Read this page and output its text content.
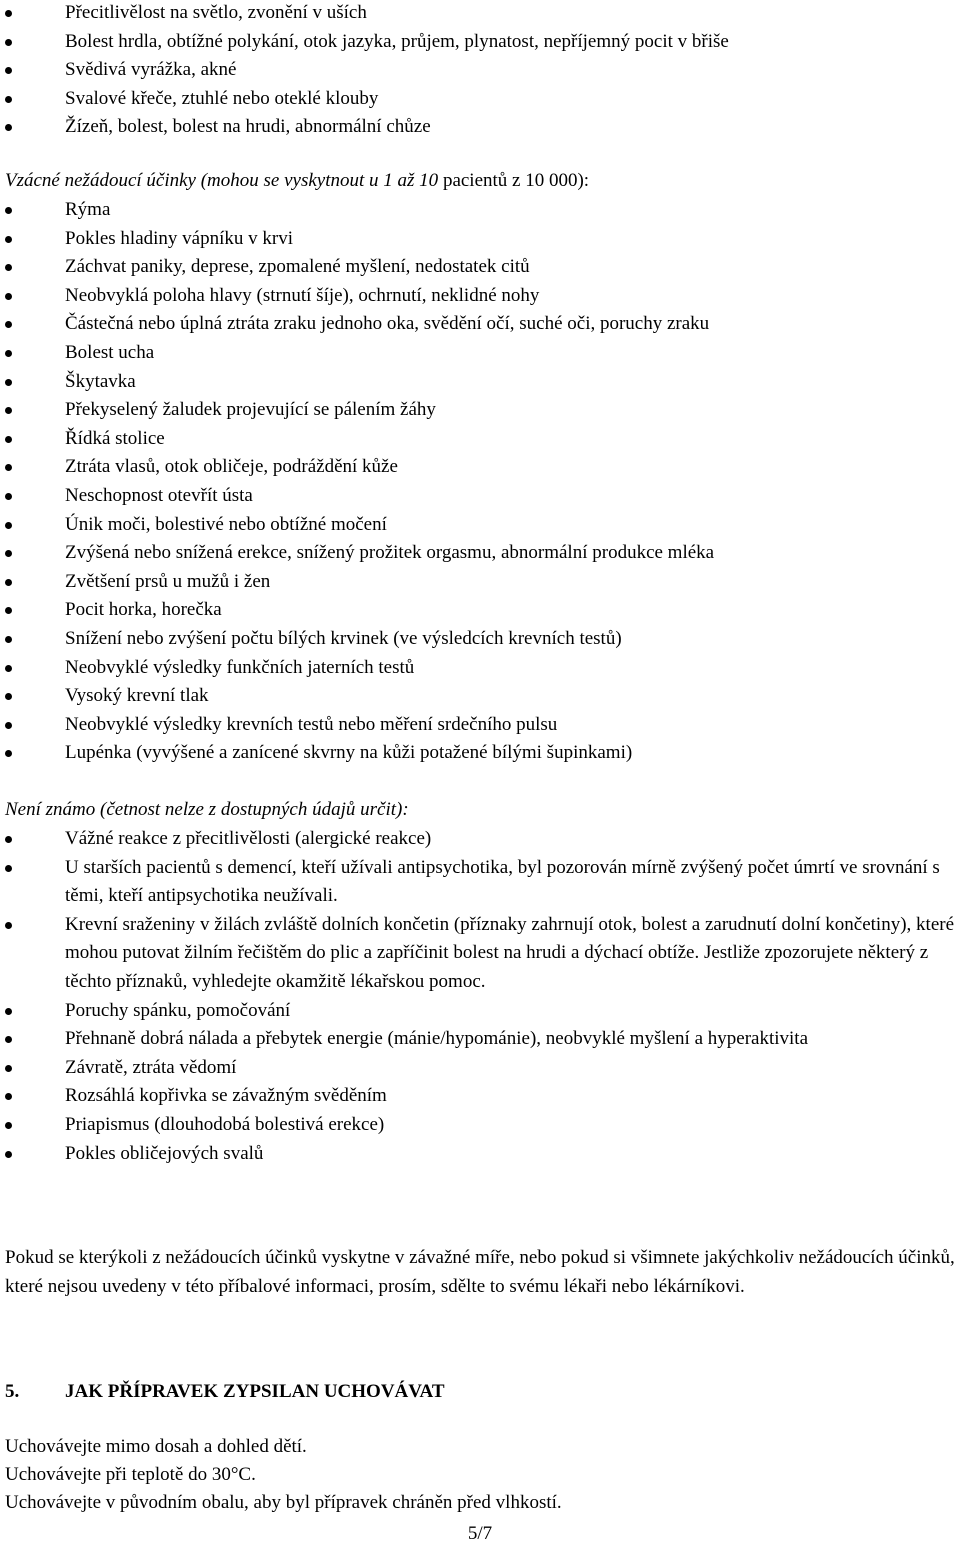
Přecitlivělost na světlo, zvonění v uších
Bolest hrdla, obtížné polykání, otok jazyka, průjem, plynatost, nepříjemný pocit v břiše
Svědivá vyrážka, akné
Svalové křeče, ztuhlé nebo oteklé klouby
Žízeň, bolest, bolest na hrudi, abnormální chůze
Vzácné nežádoucí účinky (mohou se vyskytnout u 1 až 10 pacientů z 10 000):
Rýma
Pokles hladiny vápníku v krvi
Záchvat paniky, deprese, zpomalené myšlení, nedostatek citů
Neobvyklá poloha hlavy (strnutí šíje), ochrnutí, neklidné nohy
Částečná nebo úplná ztráta zraku jednoho oka, svědění očí, suché oči, poruchy zraku
Bolest ucha
Škytavka
Překyselený žaludek projevující se pálením žáhy
Řídká stolice
Ztráta vlasů, otok obličeje, podráždění kůže
Neschopnost otevřít ústa
Únik moči, bolestivé nebo obtížné močení
Zvýšená nebo snížená erekce, snížený prožitek orgasmu, abnormální produkce mléka
Zvětšení prsů u mužů i žen
Pocit horka, horečka
Snížení nebo zvýšení počtu bílých krvinek (ve výsledcích krevních testů)
Neobvyklé výsledky funkčních jaterních testů
Vysoký krevní tlak
Neobvyklé výsledky krevních testů nebo měření srdečního pulsu
Lupénka (vyvýšené a zanícené skvrny na kůži potažené bílými šupinkami)
Není známo (četnost nelze z dostupných údajů určit):
Vážné reakce z přecitlivělosti (alergické reakce)
U starších pacientů s demencí, kteří užívali antipsychotika, byl pozorován mírně zvýšený počet úmrtí ve srovnání s těmi, kteří antipsychotika neužívali.
Krevní sraženiny v žilách zvláště dolních končetin (příznaky zahrnují otok, bolest a zarudnutí dolní končetiny), které mohou putovat žilním řečištěm do plic a zapříčinit bolest na hrudi a dýchací obtíže. Jestliže zpozorujete některý z těchto příznaků, vyhledejte okamžitě lékařskou pomoc.
Poruchy spánku, pomočování
Přehnaně dobrá nálada a přebytek energie (mánie/hypománie), neobvyklé myšlení a hyperaktivita
Závratě, ztráta vědomí
Rozsáhlá kopřivka se závažným svěděním
Priapismus (dlouhodobá bolestivá erekce)
Pokles obličejových svalů
Pokud se kterýkoli z nežádoucích účinků vyskytne v závažné míře, nebo pokud si všimnete jakýchkoliv nežádoucích účinků, které nejsou uvedeny v této příbalové informaci, prosím, sdělte to svému lékaři nebo lékárníkovi.
5. JAK PŘÍPRAVEK ZYPSILAN UCHOVÁVAT
Uchovávejte mimo dosah a dohled dětí.
Uchovávejte při teplotě do 30°C.
Uchovávejte v původním obalu, aby byl přípravek chráněn před vlhkostí.
5/7
